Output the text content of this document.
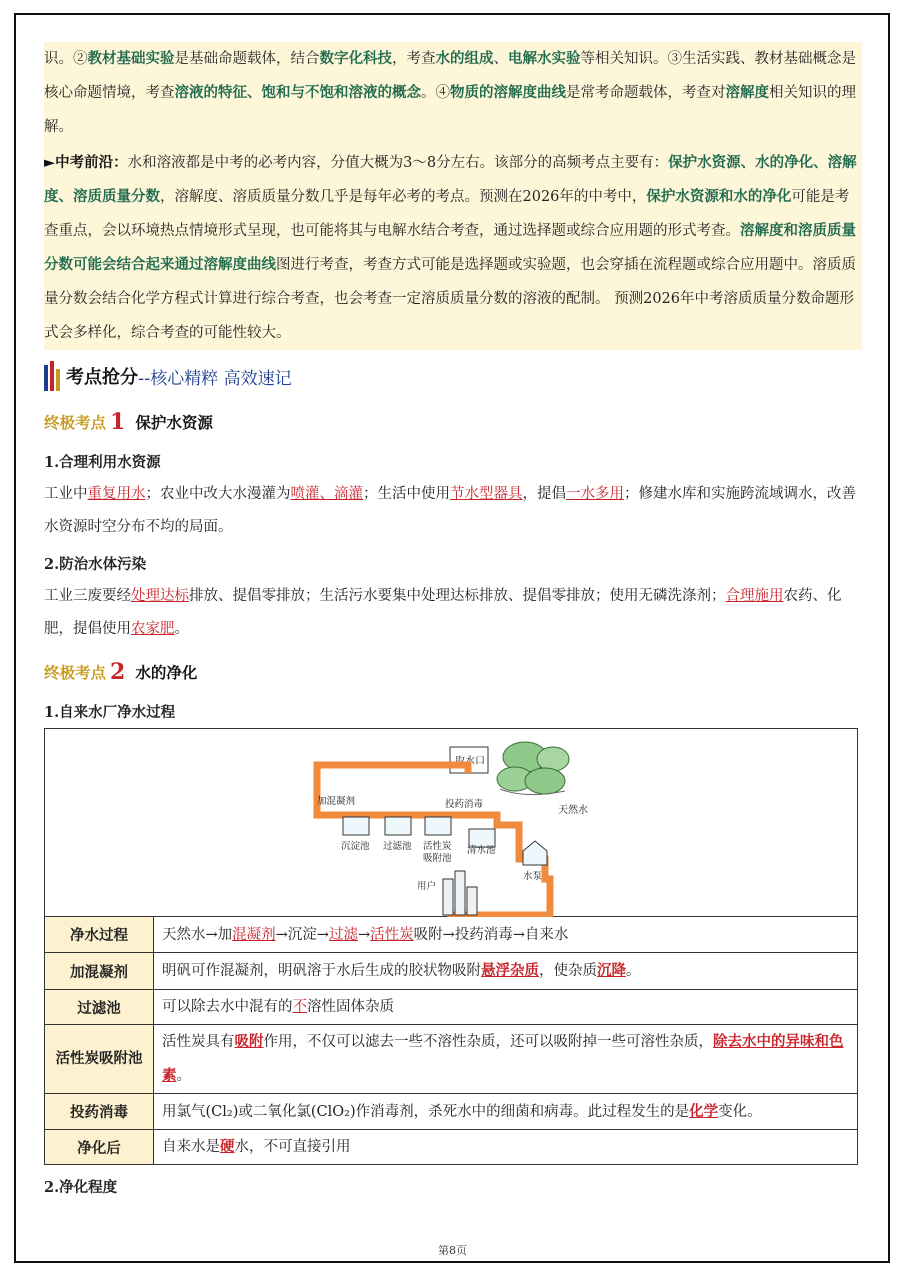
识。②教材基础实验是基础命题载体，结合数字化科技，考查水的组成、电解水实验等相关知识。③生活实践、教材基础概念是核心命题情境，考查溶液的特征、饱和与不饱和溶液的概念。④物质的溶解度曲线是常考命题载体，考查对溶解度相关知识的理解。

►中考前沿：水和溶液都是中考的必考内容，分值大概为3～8分左右。该部分的高频考点主要有：保护水资源、水的净化、溶解度、溶质质量分数，溶解度、溶质质量分数几乎是每年必考的考点。预测在2026年的中考中，保护水资源和水的净化可能是考查重点，会以环境热点情境形式呈现，也可能将其与电解水结合考查，通过选择题或综合应用题的形式考查。溶解度和溶质质量分数可能会结合起来通过溶解度曲线图进行考查，考查方式可能是选择题或实验题，也会穿插在流程题或综合应用题中。溶质质量分数会结合化学方程式计算进行综合考查，也会考查一定溶质质量分数的溶液的配制。 预测2026年中考溶质质量分数命题形式会多样化，综合考查的可能性较大。

考点抢分 --核心精粹 高效速记
终极考点 1 保护水资源
1.合理利用水资源

工业中重复用水；农业中改大水漫灌为喷灌、滴灌；生活中使用节水型器具，提倡一水多用；修建水库和实施跨流域调水，改善水资源时空分布不均的局面。

2.防治水体污染

工业三废要经处理达标排放、提倡零排放；生活污水要集中处理达标排放、提倡零排放；使用无磷洗涤剂；合理施用农药、化肥，提倡使用农家肥。

终极考点 2 水的净化
1.自来水厂净水过程
取水口
天然水
加混凝剂	投药消毒
沉淀池 过滤池 活性炭
吸附池
清水池
水泵
用户
净水过程	天然水→加混凝剂→沉淀→过滤→活性炭吸附→投药消毒→自来水
加混凝剂	明矾可作混凝剂，明矾溶于水后生成的胶状物吸附悬浮杂质，使杂质沉降。
过滤池	可以除去水中混有的不溶性固体杂质
活性炭吸附池	活性炭具有吸附作用，不仅可以滤去一些不溶性杂质，还可以吸附掉一些可溶性杂质，除去水中的异味和色素。
投药消毒	用氯气(Cl₂)或二氧化氯(ClO₂)作消毒剂，杀死水中的细菌和病毒。此过程发生的是化学变化。
净化后	自来水是硬水，不可直接引用
2.净化程度
第8页
